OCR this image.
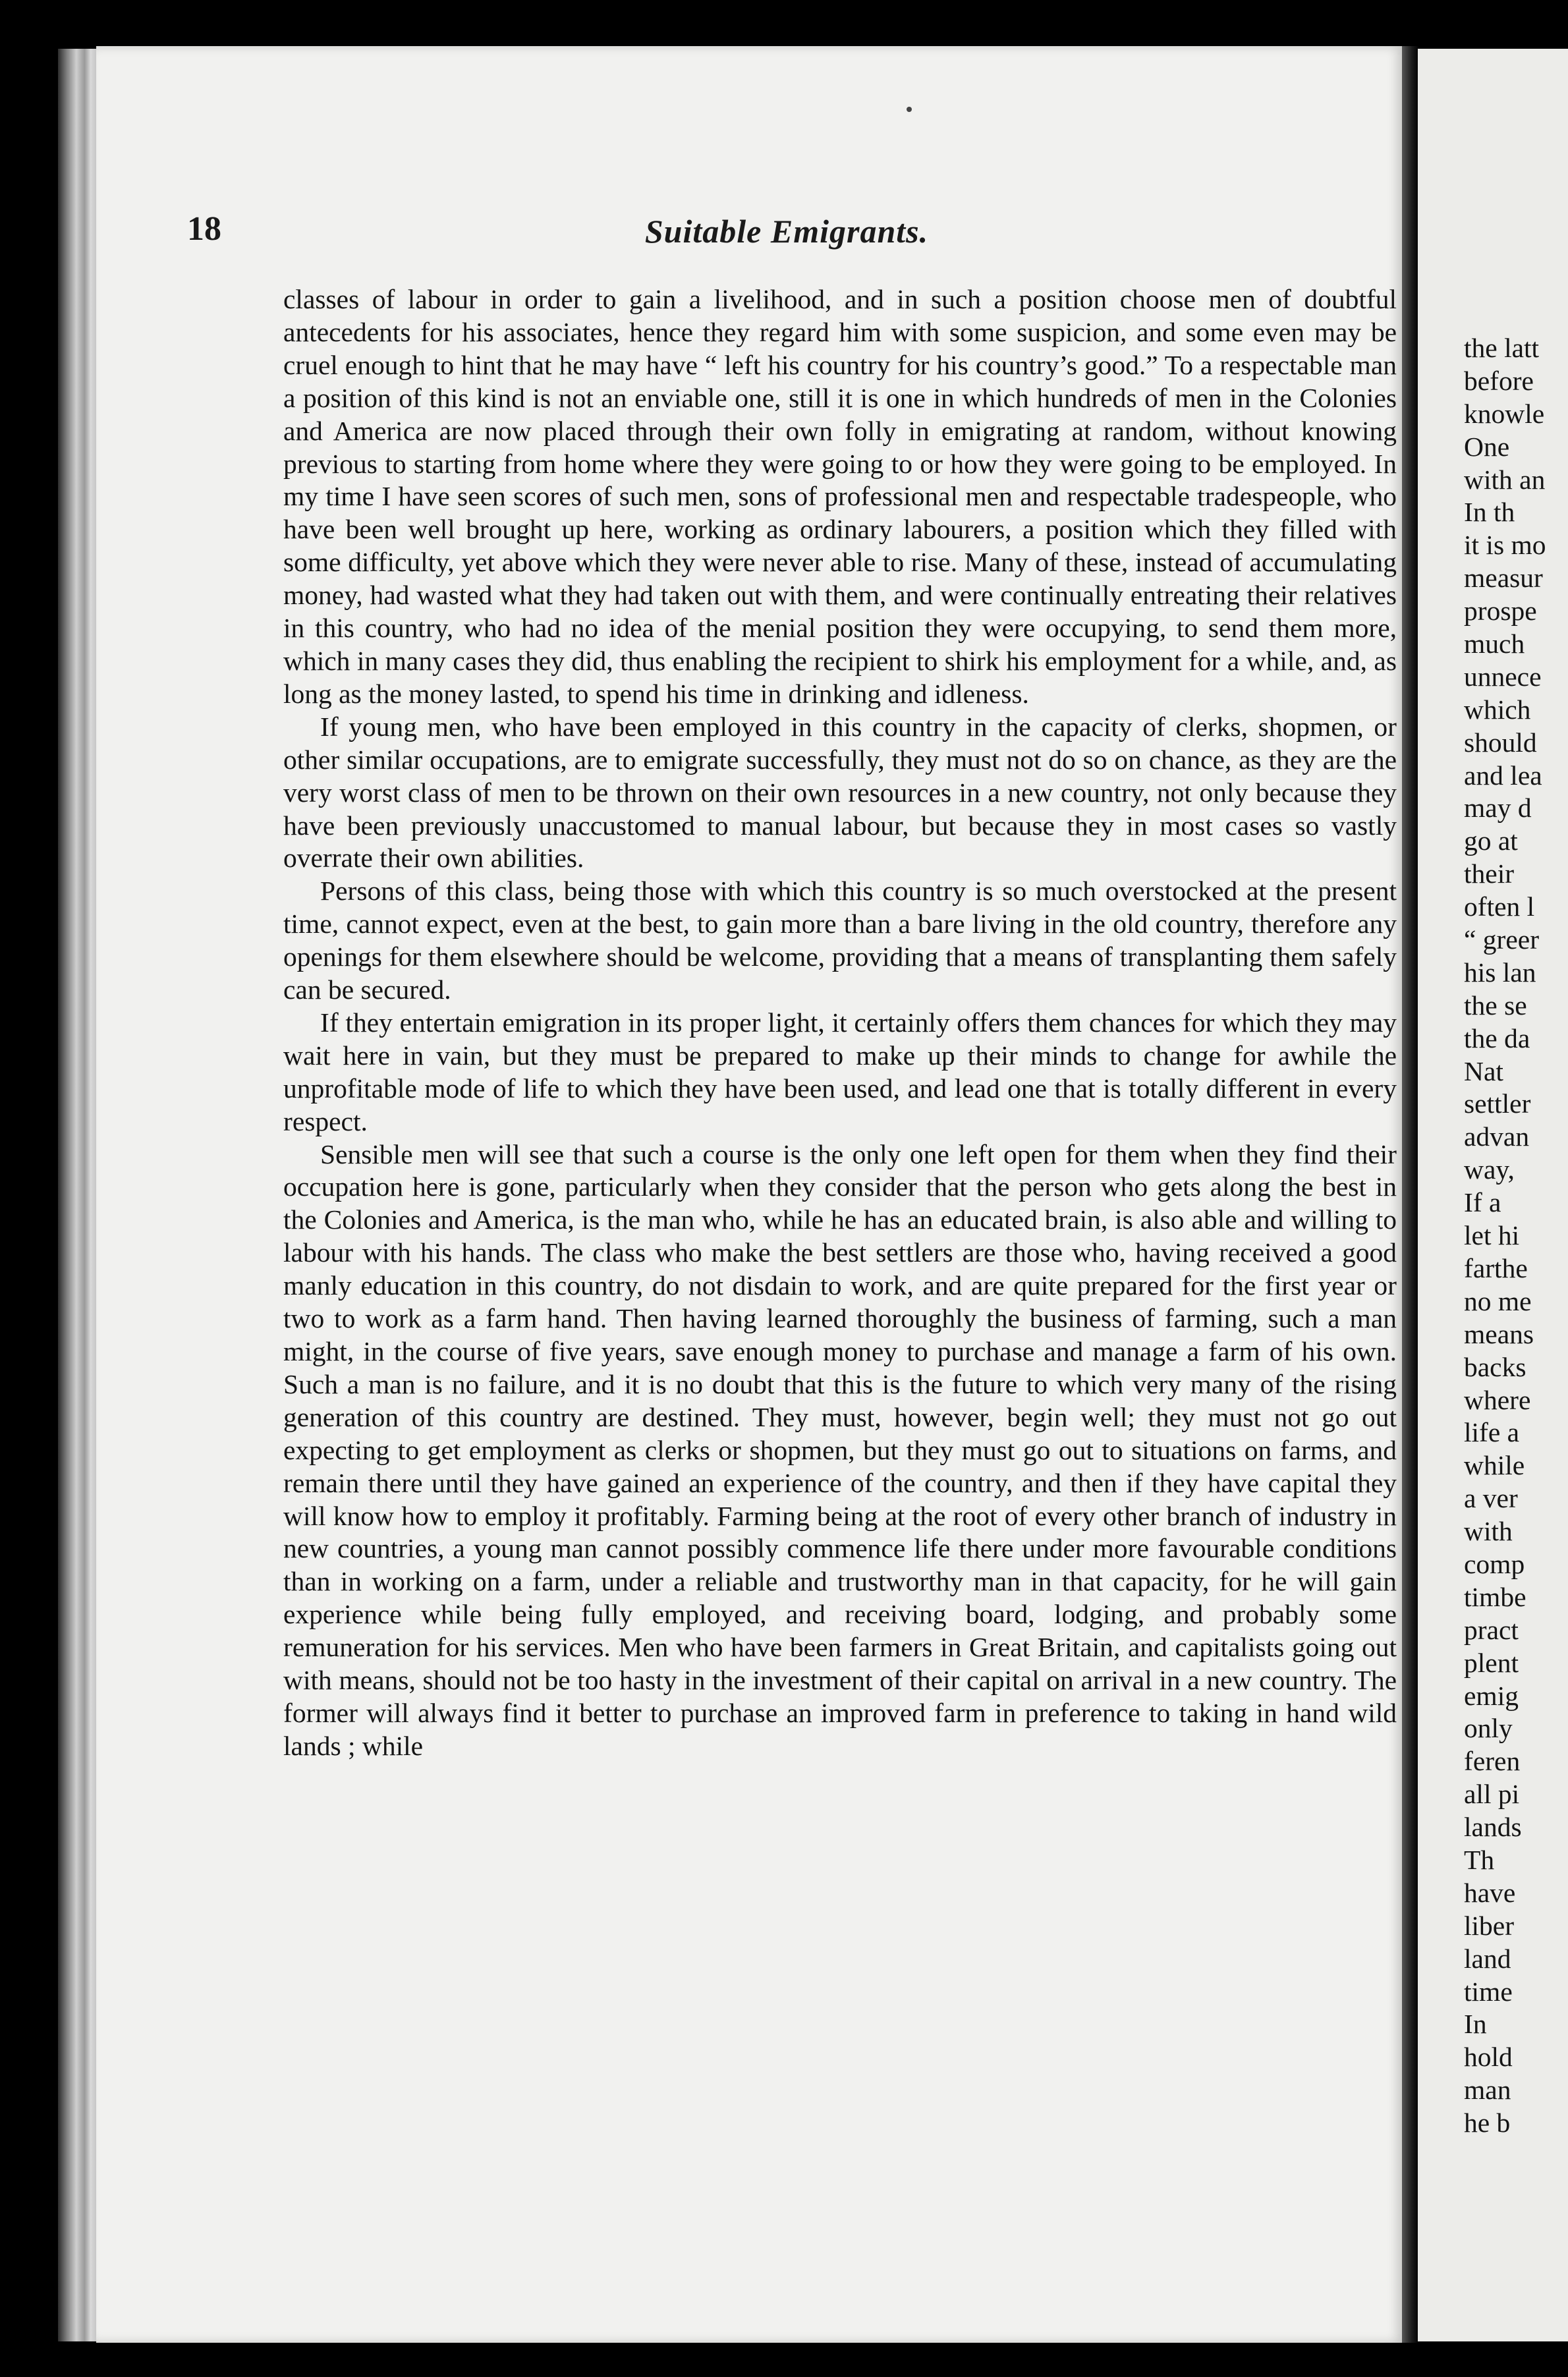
the latt
before
knowle
One
with an
In th
it is mo
measur
prospe
much
unnece
which
should
and lea
may d
go at
their
often l
“ greer
his lan
the se
the da
Nat
settler
advan
way,
If a
let hi
farthe
no me
means
backs
where
life a
while
a ver
with
comp
timbe
pract
plent
emig
only
feren
all pi
lands
Th
have
liber
land
time
In
hold
man
he b
18	Suitable Emigrants.

classes of labour in order to gain a livelihood, and in such a position choose men of doubtful antecedents for his associates, hence they regard him with some suspicion, and some even may be cruel enough to hint that he may have “ left his country for his country’s good.” To a respectable man a position of this kind is not an enviable one, still it is one in which hundreds of men in the Colonies and America are now placed through their own folly in emigrating at random, without knowing previous to starting from home where they were going to or how they were going to be employed. In my time I have seen scores of such men, sons of professional men and respectable tradespeople, who have been well brought up here, working as ordinary labourers, a position which they filled with some difficulty, yet above which they were never able to rise. Many of these, instead of accumulating money, had wasted what they had taken out with them, and were continually entreating their relatives in this country, who had no idea of the menial position they were occupying, to send them more, which in many cases they did, thus enabling the recipient to shirk his employment for a while, and, as long as the money lasted, to spend his time in drinking and idleness.

If young men, who have been employed in this country in the capacity of clerks, shopmen, or other similar occupations, are to emigrate successfully, they must not do so on chance, as they are the very worst class of men to be thrown on their own resources in a new country, not only because they have been previously unaccustomed to manual labour, but because they in most cases so vastly overrate their own abilities.

Persons of this class, being those with which this country is so much overstocked at the present time, cannot expect, even at the best, to gain more than a bare living in the old country, therefore any openings for them elsewhere should be welcome, providing that a means of transplanting them safely can be secured.

If they entertain emigration in its proper light, it certainly offers them chances for which they may wait here in vain, but they must be prepared to make up their minds to change for awhile the unprofitable mode of life to which they have been used, and lead one that is totally different in every respect.

Sensible men will see that such a course is the only one left open for them when they find their occupation here is gone, particularly when they consider that the person who gets along the best in the Colonies and America, is the man who, while he has an educated brain, is also able and willing to labour with his hands. The class who make the best settlers are those who, having received a good manly education in this country, do not disdain to work, and are quite prepared for the first year or two to work as a farm hand. Then having learned thoroughly the business of farming, such a man might, in the course of five years, save enough money to purchase and manage a farm of his own. Such a man is no failure, and it is no doubt that this is the future to which very many of the rising generation of this country are destined. They must, however, begin well; they must not go out expecting to get employment as clerks or shopmen, but they must go out to situations on farms, and remain there until they have gained an experience of the country, and then if they have capital they will know how to employ it profitably. Farming being at the root of every other branch of industry in new countries, a young man cannot possibly commence life there under more favourable conditions than in working on a farm, under a reliable and trustworthy man in that capacity, for he will gain experience while being fully employed, and receiving board, lodging, and probably some remuneration for his services. Men who have been farmers in Great Britain, and capitalists going out with means, should not be too hasty in the investment of their capital on arrival in a new country. The former will always find it better to purchase an improved farm in preference to taking in hand wild lands ; while
